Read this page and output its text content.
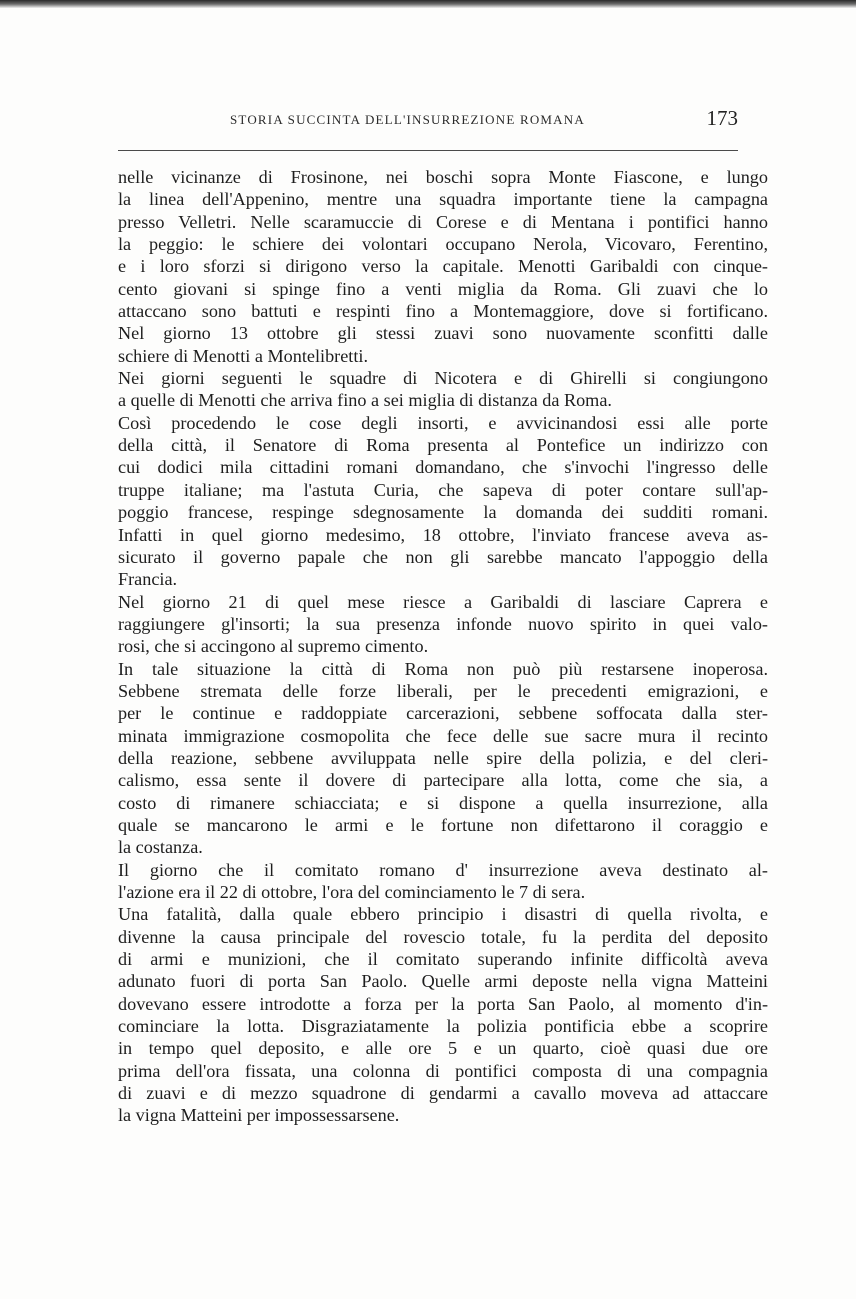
STORIA SUCCINTA DELL'INSURREZIONE ROMANA	173
nelle vicinanze di Frosinone, nei boschi sopra Monte Fiascone, e lungo
la linea dell'Appenino, mentre una squadra importante tiene la campagna
presso Velletri. Nelle scaramuccie di Corese e di Mentana i pontifici hanno
la peggio: le schiere dei volontari occupano Nerola, Vicovaro, Ferentino,
e i loro sforzi si dirigono verso la capitale. Menotti Garibaldi con cinque-
cento giovani si spinge fino a venti miglia da Roma. Gli zuavi che lo
attaccano sono battuti e respinti fino a Montemaggiore, dove si fortificano.
Nel giorno 13 ottobre gli stessi zuavi sono nuovamente sconfitti dalle
schiere di Menotti a Montelibretti.
Nei giorni seguenti le squadre di Nicotera e di Ghirelli si congiungono
a quelle di Menotti che arriva fino a sei miglia di distanza da Roma.
Così procedendo le cose degli insorti, e avvicinandosi essi alle porte
della città, il Senatore di Roma presenta al Pontefice un indirizzo con
cui dodici mila cittadini romani domandano, che s'invochi l'ingresso delle
truppe italiane; ma l'astuta Curia, che sapeva di poter contare sull'ap-
poggio francese, respinge sdegnosamente la domanda dei sudditi romani.
Infatti in quel giorno medesimo, 18 ottobre, l'inviato francese aveva as-
sicurato il governo papale che non gli sarebbe mancato l'appoggio della
Francia.
Nel giorno 21 di quel mese riesce a Garibaldi di lasciare Caprera e
raggiungere gl'insorti; la sua presenza infonde nuovo spirito in quei valo-
rosi, che si accingono al supremo cimento.
In tale situazione la città di Roma non può più restarsene inoperosa.
Sebbene stremata delle forze liberali, per le precedenti emigrazioni, e
per le continue e raddoppiate carcerazioni, sebbene soffocata dalla ster-
minata immigrazione cosmopolita che fece delle sue sacre mura il recinto
della reazione, sebbene avviluppata nelle spire della polizia, e del cleri-
calismo, essa sente il dovere di partecipare alla lotta, come che sia, a
costo di rimanere schiacciata; e si dispone a quella insurrezione, alla
quale se mancarono le armi e le fortune non difettarono il coraggio e
la costanza.
Il giorno che il comitato romano d' insurrezione aveva destinato al-
l'azione era il 22 di ottobre, l'ora del cominciamento le 7 di sera.
Una fatalità, dalla quale ebbero principio i disastri di quella rivolta, e
divenne la causa principale del rovescio totale, fu la perdita del deposito
di armi e munizioni, che il comitato superando infinite difficoltà aveva
adunato fuori di porta San Paolo. Quelle armi deposte nella vigna Matteini
dovevano essere introdotte a forza per la porta San Paolo, al momento d'in-
cominciare la lotta. Disgraziatamente la polizia pontificia ebbe a scoprire
in tempo quel deposito, e alle ore 5 e un quarto, cioè quasi due ore
prima dell'ora fissata, una colonna di pontifici composta di una compagnia
di zuavi e di mezzo squadrone di gendarmi a cavallo moveva ad attaccare
la vigna Matteini per impossessarsene.
